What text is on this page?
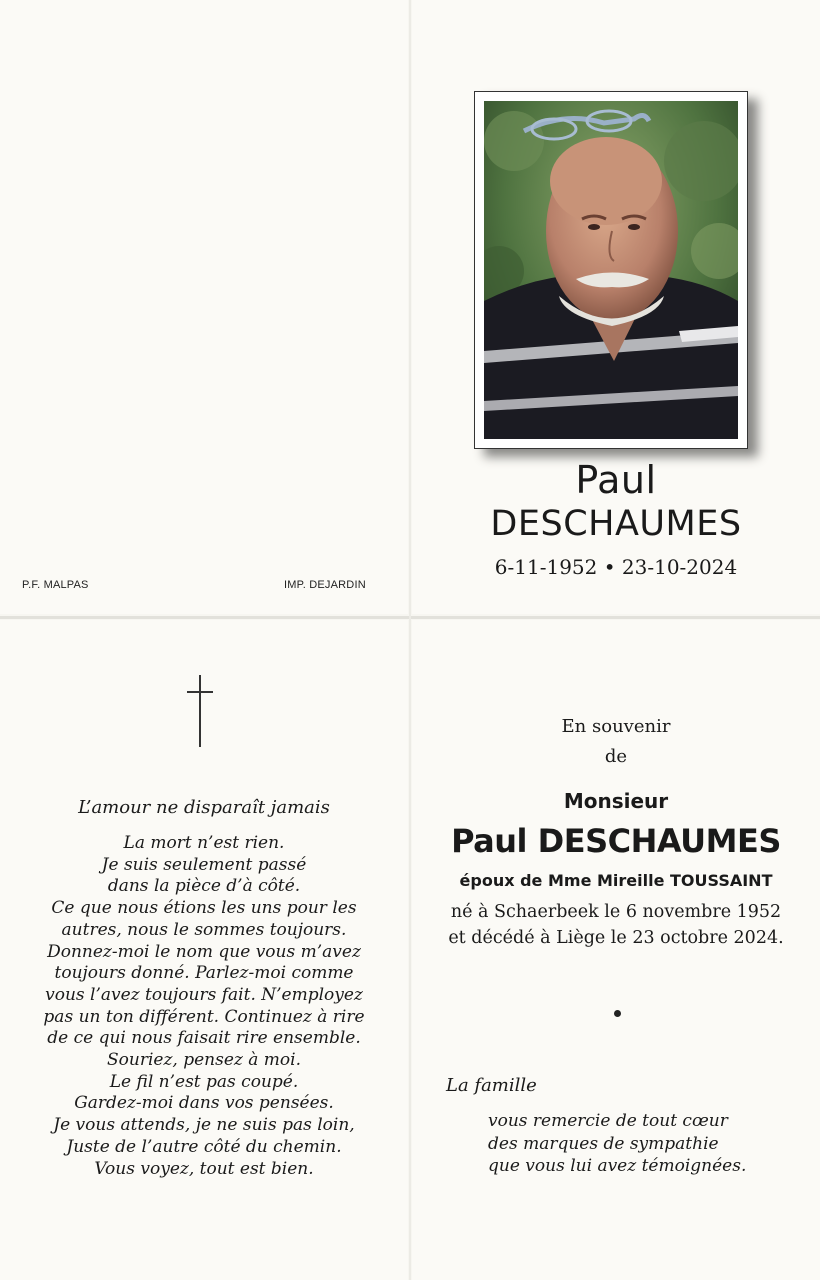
P.F. MALPAS	IMP. DEJARDIN
Paul
DESCHAUMES
6-11-1952 • 23-10-2024
L’amour ne disparaît jamais
La mort n’est rien.
Je suis seulement passé
dans la pièce d’à côté.
Ce que nous étions les uns pour les
autres, nous le sommes toujours.
Donnez-moi le nom que vous m’avez
toujours donné. Parlez-moi comme
vous l’avez toujours fait. N’employez
pas un ton différent. Continuez à rire
de ce qui nous faisait rire ensemble.
Souriez, pensez à moi.
Le fil n’est pas coupé.
Gardez-moi dans vos pensées.
Je vous attends, je ne suis pas loin,
Juste de l’autre côté du chemin.
Vous voyez, tout est bien.
En souvenir
de
Monsieur
Paul DESCHAUMES
époux de Mme Mireille TOUSSAINT
né à Schaerbeek le 6 novembre 1952
et décédé à Liège le 23 octobre 2024.
La famille
vous remercie de tout cœur
des marques de sympathie
que vous lui avez témoignées.
